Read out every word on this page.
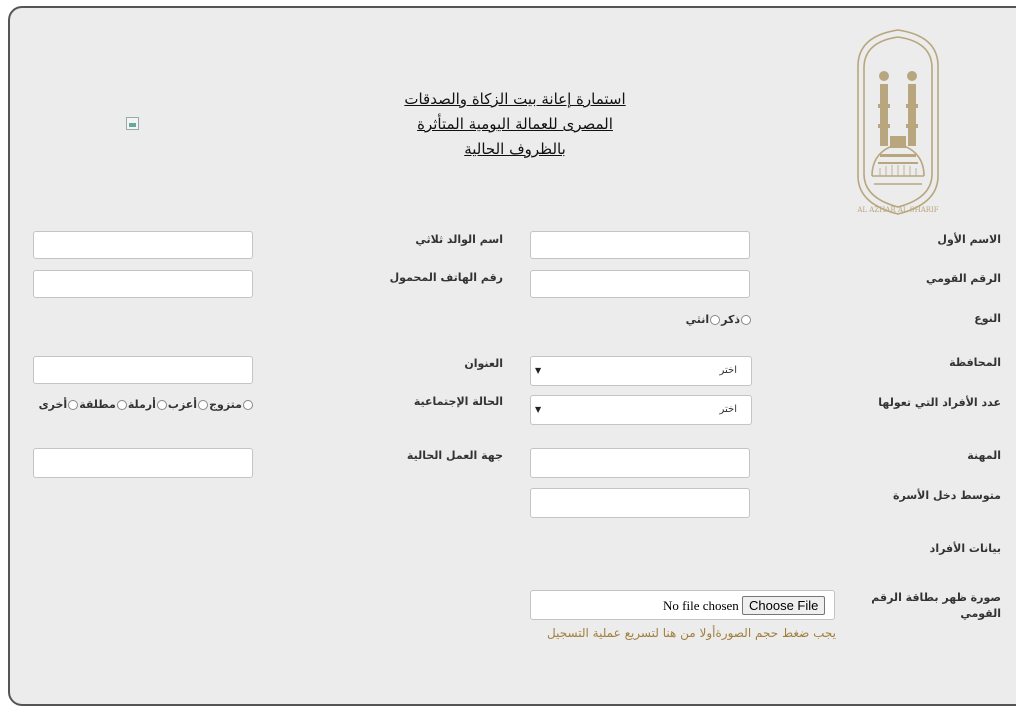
استمارة إعانة بيت الزكاة والصدقات
المصرى للعمالة اليومية المتأثرة
بالظروف الحالية
AL AZHAR AL SHARIF
الاسم الأول
اسم الوالد ثلاثي
الرقم القومي
رقم الهاتف المحمول
النوع
ذكرانثي
المحافظة
اختر
▼
العنوان
عدد الأفراد التي تعولها
اختر
▼
الحالة الإجتماعية
متزوجأعزبأرملةمطلقةأخرى
المهنة
جهة العمل الحالية
متوسط دخل الأسرة
بيانات الأفراد
صورة ظهر بطاقة الرقم
القومي
No file chosen Choose File
يجب ضغط حجم الصورةأولا من هنا لتسريع عملية التسجيل
